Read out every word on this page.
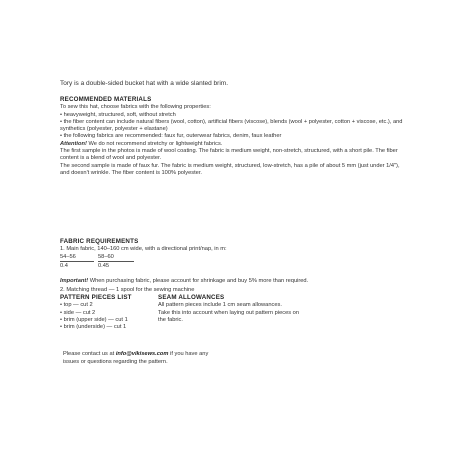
Tory is a double-sided bucket hat with a wide slanted brim.
RECOMMENDED MATERIALS
To sew this hat, choose fabrics with the following properties:
• heavyweight, structured, soft, without stretch
• the fiber content can include natural fibers (wool, cotton), artificial fibers (viscose), blends (wool + polyester, cotton + viscose, etc.), and synthetics (polyester, polyester + elastane)
• the following fabrics are recommended: faux fur, outerwear fabrics, denim, faux leather
Attention! We do not recommend stretchy or lightweight fabrics.
The first sample in the photos is made of wool coating. The fabric is medium weight, non-stretch, structured, with a short pile. The fiber content is a blend of wool and polyester.
The second sample is made of faux fur. The fabric is medium weight, structured, low-stretch, has a pile of about 5 mm (just under 1/4"), and doesn't wrinkle. The fiber content is 100% polyester.
FABRIC REQUIREMENTS
1. Main fabric, 140–160 cm wide, with a directional print/nap, in m:
54–56	58–60
0.4	0.45
Important! When purchasing fabric, please account for shrinkage and buy 5% more than required.
2. Matching thread — 1 spool for the sewing machine
PATTERN PIECES LIST
• top — cut 2
• side — cut 2
• brim (upper side) — cut 1
• brim (underside) — cut 1
SEAM ALLOWANCES
All pattern pieces include 1 cm seam allowances.
Take this into account when laying out pattern pieces on
the fabric.
Please contact us at info@vikisews.com if you have any
issues or questions regarding the pattern.
